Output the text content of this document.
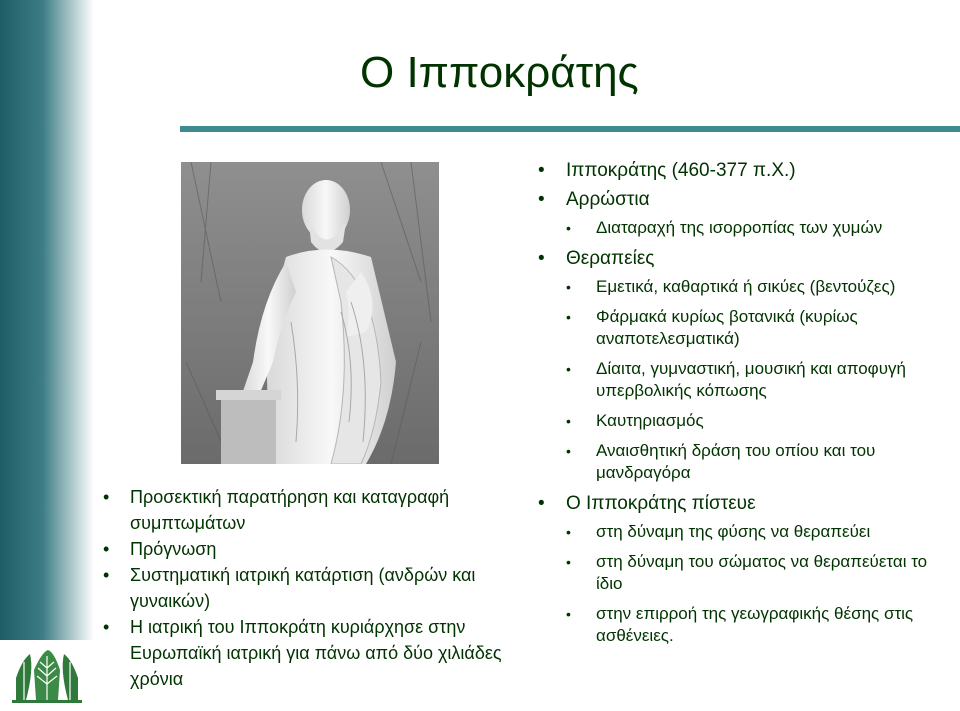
Ο Ιπποκράτης
• Προσεκτική παρατήρηση και καταγραφή συμπτωμάτων
• Πρόγνωση
• Συστηματική ιατρική κατάρτιση (ανδρών και γυναικών)
• Η ιατρική του Ιπποκράτη κυριάρχησε στην Ευρωπαϊκή ιατρική για πάνω από δύο χιλιάδες χρόνια
• Ιπποκράτης (460-377 π.Χ.)
• Αρρώστια
• Διαταραχή της ισορροπίας των χυμών
• Θεραπείες
• Εμετικά, καθαρτικά ή σικύες (βεντούζες)
• Φάρμακά κυρίως βοτανικά (κυρίως αναποτελεσματικά)
• Δίαιτα, γυμναστική, μουσική και αποφυγή υπερβολικής κόπωσης
• Καυτηριασμός
• Αναισθητική δράση του οπίου και του μανδραγόρα
• Ο Ιπποκράτης πίστευε
• στη δύναμη της φύσης να θεραπεύει
• στη δύναμη του σώματος να θεραπεύεται το ίδιο
• στην επιρροή της γεωγραφικής θέσης στις ασθένειες.
